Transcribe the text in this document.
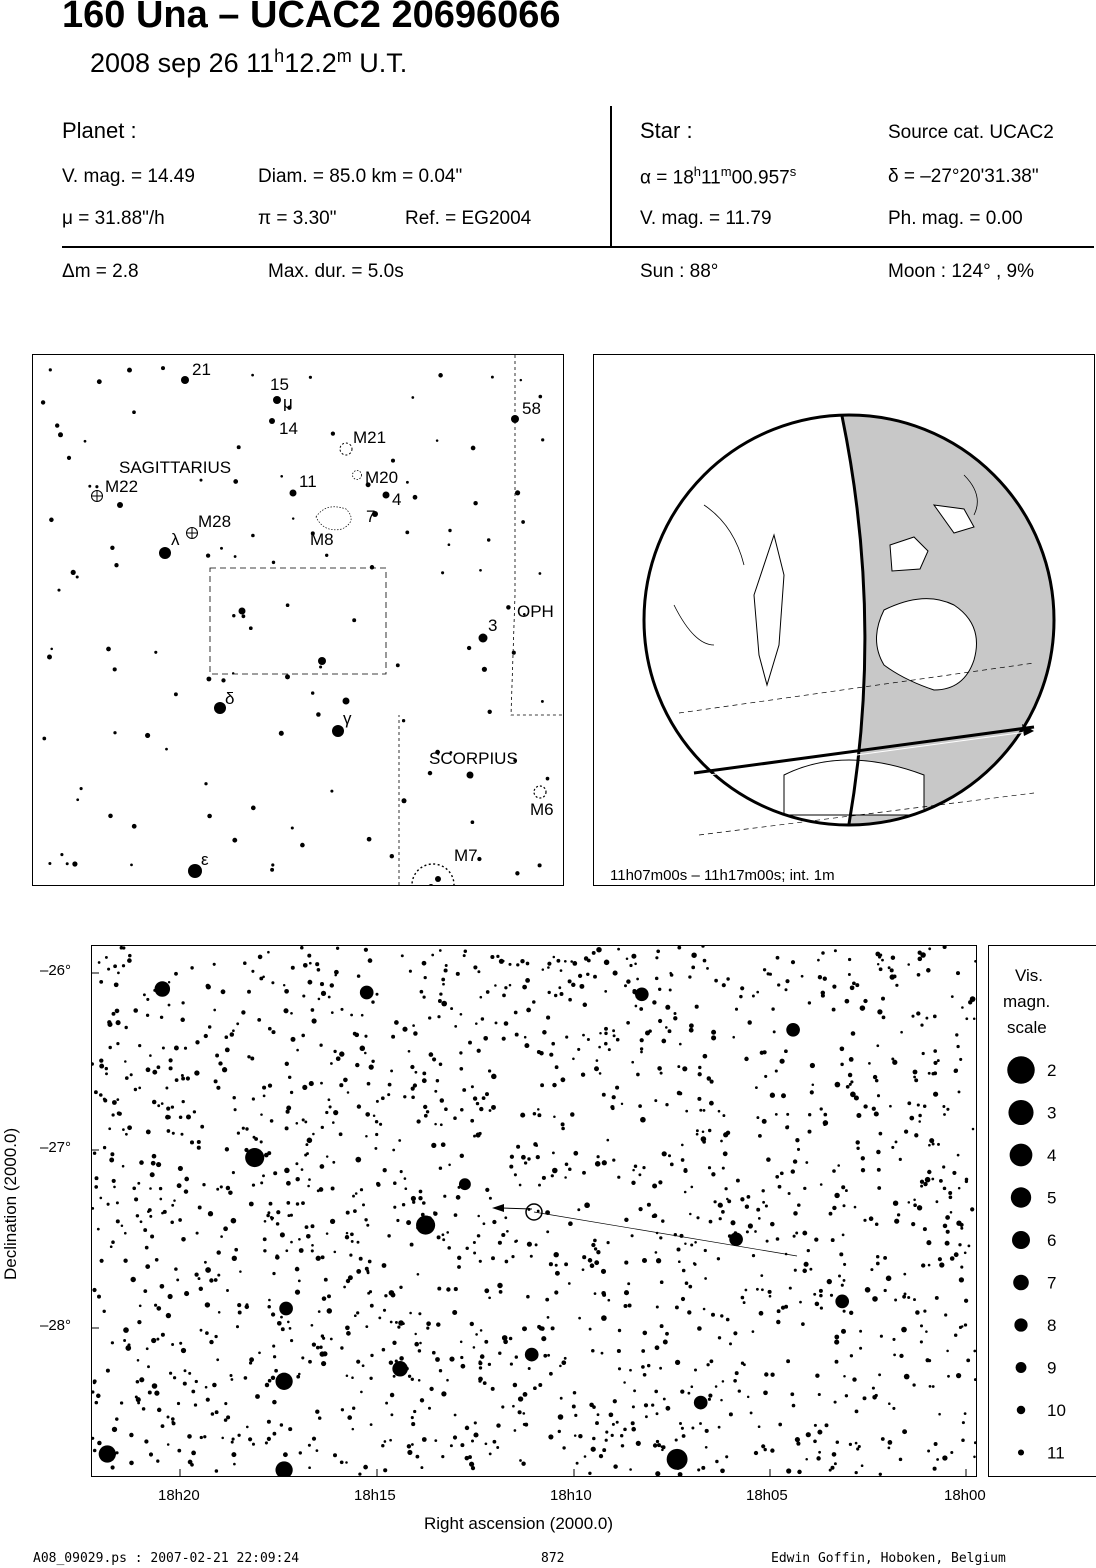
160 Una – UCAC2 20696066
2008 sep 26 11$^h$12.2$^m$ U.T.
Planet :
V. mag. = 14.49	Diam. = 85.0 km = 0.04"
μ = 31.88"/h	π = 3.30"	Ref. = EG2004
Star :	Source cat. UCAC2
$\alpha = 18^h11^m00.957^s$	δ = –27°20'31.38"
V. mag. = 11.79	Ph. mag. = 0.00
Δm = 2.8	Max. dur. = 5.0s	Sun : 88°	Moon : 124° , 9%
SAGITTARIUS
OPH
SCORPIUS
21
15
μ
14	M21
58
M20
4
7
11
M22
M28
λ	M8
3
δ
γ
M6
ε	M7
11h07m00s – 11h17m00s; int. 1m
Declination (2000.0)
Right ascension (2000.0)
–26°
–27°
–28°
18h20	18h15	18h10	18h05	18h00
Vis.
magn.
scale
2
3
4
5
6
7
8
9
10
11
A08_09029.ps : 2007-02-21 22:09:24	872	Edwin Goffin, Hoboken, Belgium
